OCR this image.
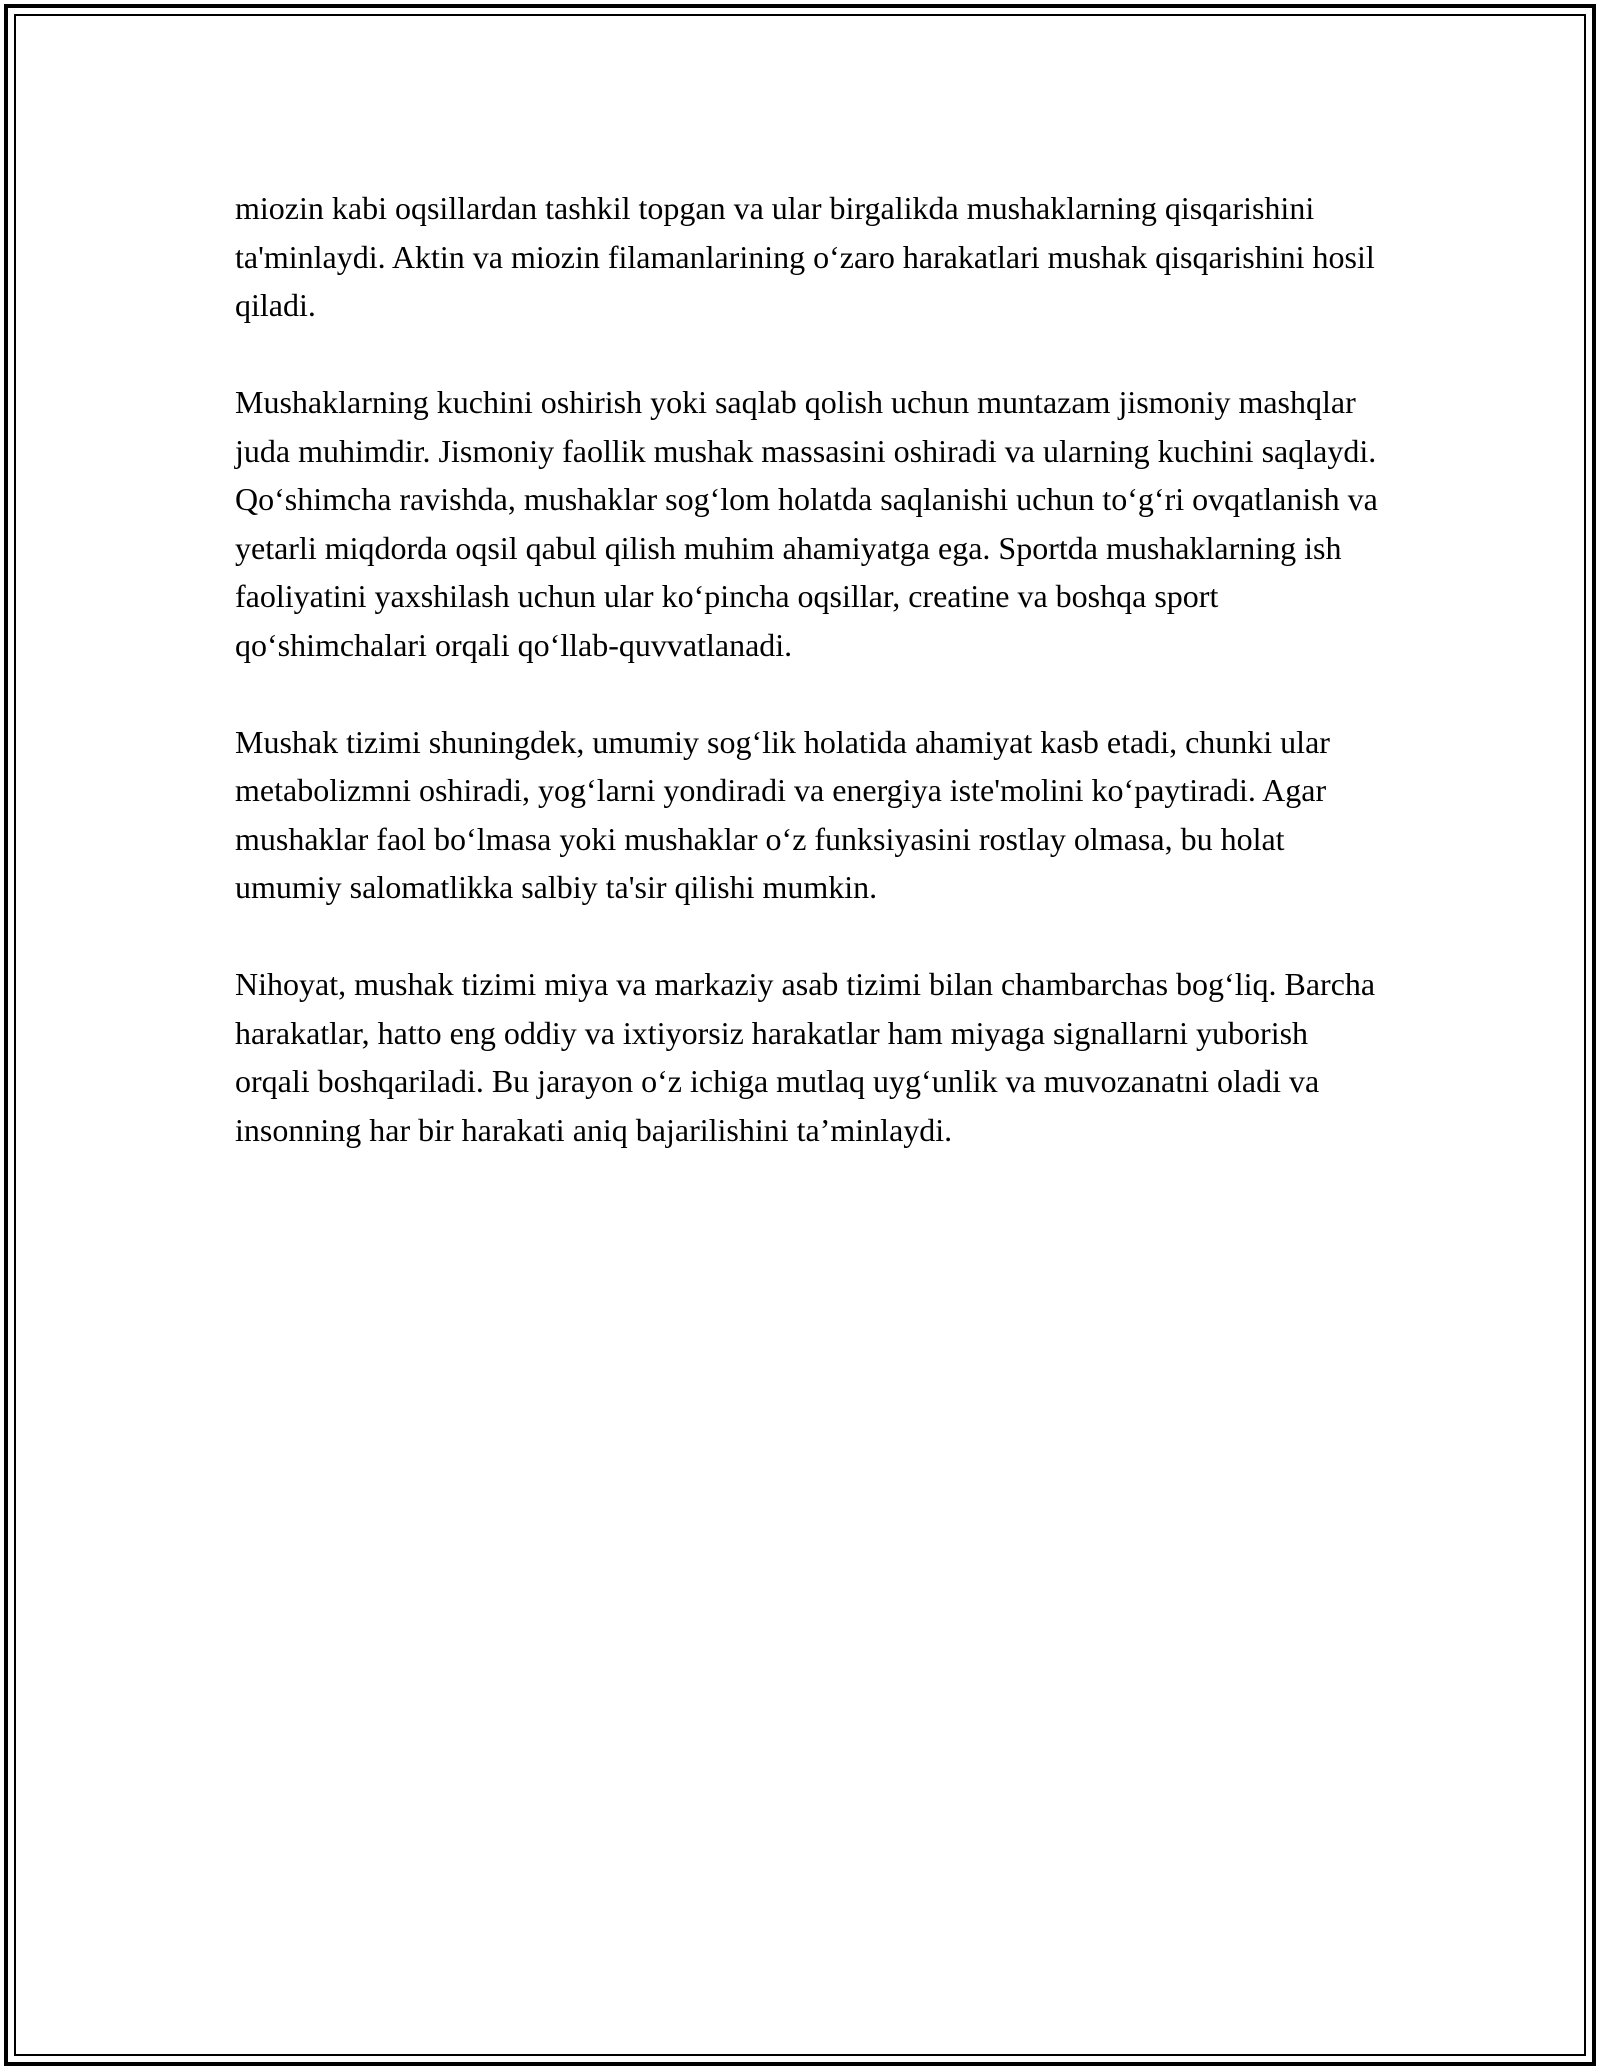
miozin kabi oqsillardan tashkil topgan va ular birgalikda mushaklarning qisqarishini ta'minlaydi. Aktin va miozin filamanlarining oʻzaro harakatlari mushak qisqarishini hosil qiladi.

Mushaklarning kuchini oshirish yoki saqlab qolish uchun muntazam jismoniy mashqlar juda muhimdir. Jismoniy faollik mushak massasini oshiradi va ularning kuchini saqlaydi. Qoʻshimcha ravishda, mushaklar sogʻlom holatda saqlanishi uchun toʻgʻri ovqatlanish va yetarli miqdorda oqsil qabul qilish muhim ahamiyatga ega. Sportda mushaklarning ish faoliyatini yaxshilash uchun ular koʻpincha oqsillar, creatine va boshqa sport qoʻshimchalari orqali qoʻllab-quvvatlanadi.

Mushak tizimi shuningdek, umumiy sogʻlik holatida ahamiyat kasb etadi, chunki ular metabolizmni oshiradi, yogʻlarni yondiradi va energiya iste'molini koʻpaytiradi. Agar mushaklar faol boʻlmasa yoki mushaklar oʻz funksiyasini rostlay olmasa, bu holat umumiy salomatlikka salbiy ta'sir qilishi mumkin.

Nihoyat, mushak tizimi miya va markaziy asab tizimi bilan chambarchas bogʻliq. Barcha harakatlar, hatto eng oddiy va ixtiyorsiz harakatlar ham miyaga signallarni yuborish orqali boshqariladi. Bu jarayon oʻz ichiga mutlaq uygʻunlik va muvozanatni oladi va insonning har bir harakati aniq bajarilishini ta’minlaydi.
